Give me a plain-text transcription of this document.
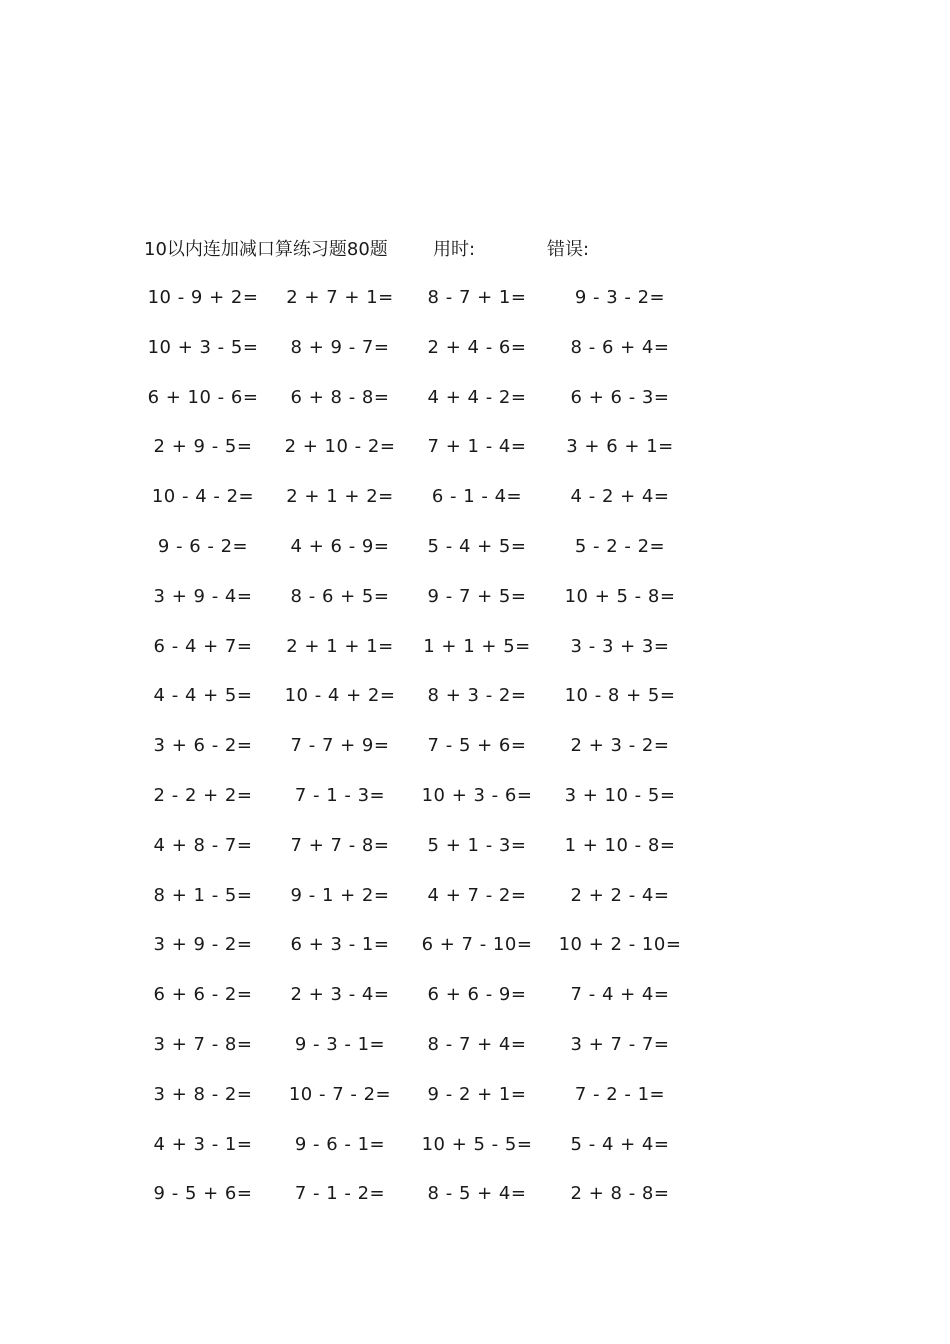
10以内连加减口算练习题80题	用时:	错误:
10 - 9 + 2=	2 + 7 + 1=	8 - 7 + 1=	9 - 3 - 2=
10 + 3 - 5=	8 + 9 - 7=	2 + 4 - 6=	8 - 6 + 4=
6 + 10 - 6=	6 + 8 - 8=	4 + 4 - 2=	6 + 6 - 3=
2 + 9 - 5=	2 + 10 - 2=	7 + 1 - 4=	3 + 6 + 1=
10 - 4 - 2=	2 + 1 + 2=	6 - 1 - 4=	4 - 2 + 4=
9 - 6 - 2=	4 + 6 - 9=	5 - 4 + 5=	5 - 2 - 2=
3 + 9 - 4=	8 - 6 + 5=	9 - 7 + 5=	10 + 5 - 8=
6 - 4 + 7=	2 + 1 + 1=	1 + 1 + 5=	3 - 3 + 3=
4 - 4 + 5=	10 - 4 + 2=	8 + 3 - 2=	10 - 8 + 5=
3 + 6 - 2=	7 - 7 + 9=	7 - 5 + 6=	2 + 3 - 2=
2 - 2 + 2=	7 - 1 - 3=	10 + 3 - 6=	3 + 10 - 5=
4 + 8 - 7=	7 + 7 - 8=	5 + 1 - 3=	1 + 10 - 8=
8 + 1 - 5=	9 - 1 + 2=	4 + 7 - 2=	2 + 2 - 4=
3 + 9 - 2=	6 + 3 - 1=	6 + 7 - 10=	10 + 2 - 10=
6 + 6 - 2=	2 + 3 - 4=	6 + 6 - 9=	7 - 4 + 4=
3 + 7 - 8=	9 - 3 - 1=	8 - 7 + 4=	3 + 7 - 7=
3 + 8 - 2=	10 - 7 - 2=	9 - 2 + 1=	7 - 2 - 1=
4 + 3 - 1=	9 - 6 - 1=	10 + 5 - 5=	5 - 4 + 4=
9 - 5 + 6=	7 - 1 - 2=	8 - 5 + 4=	2 + 8 - 8=
